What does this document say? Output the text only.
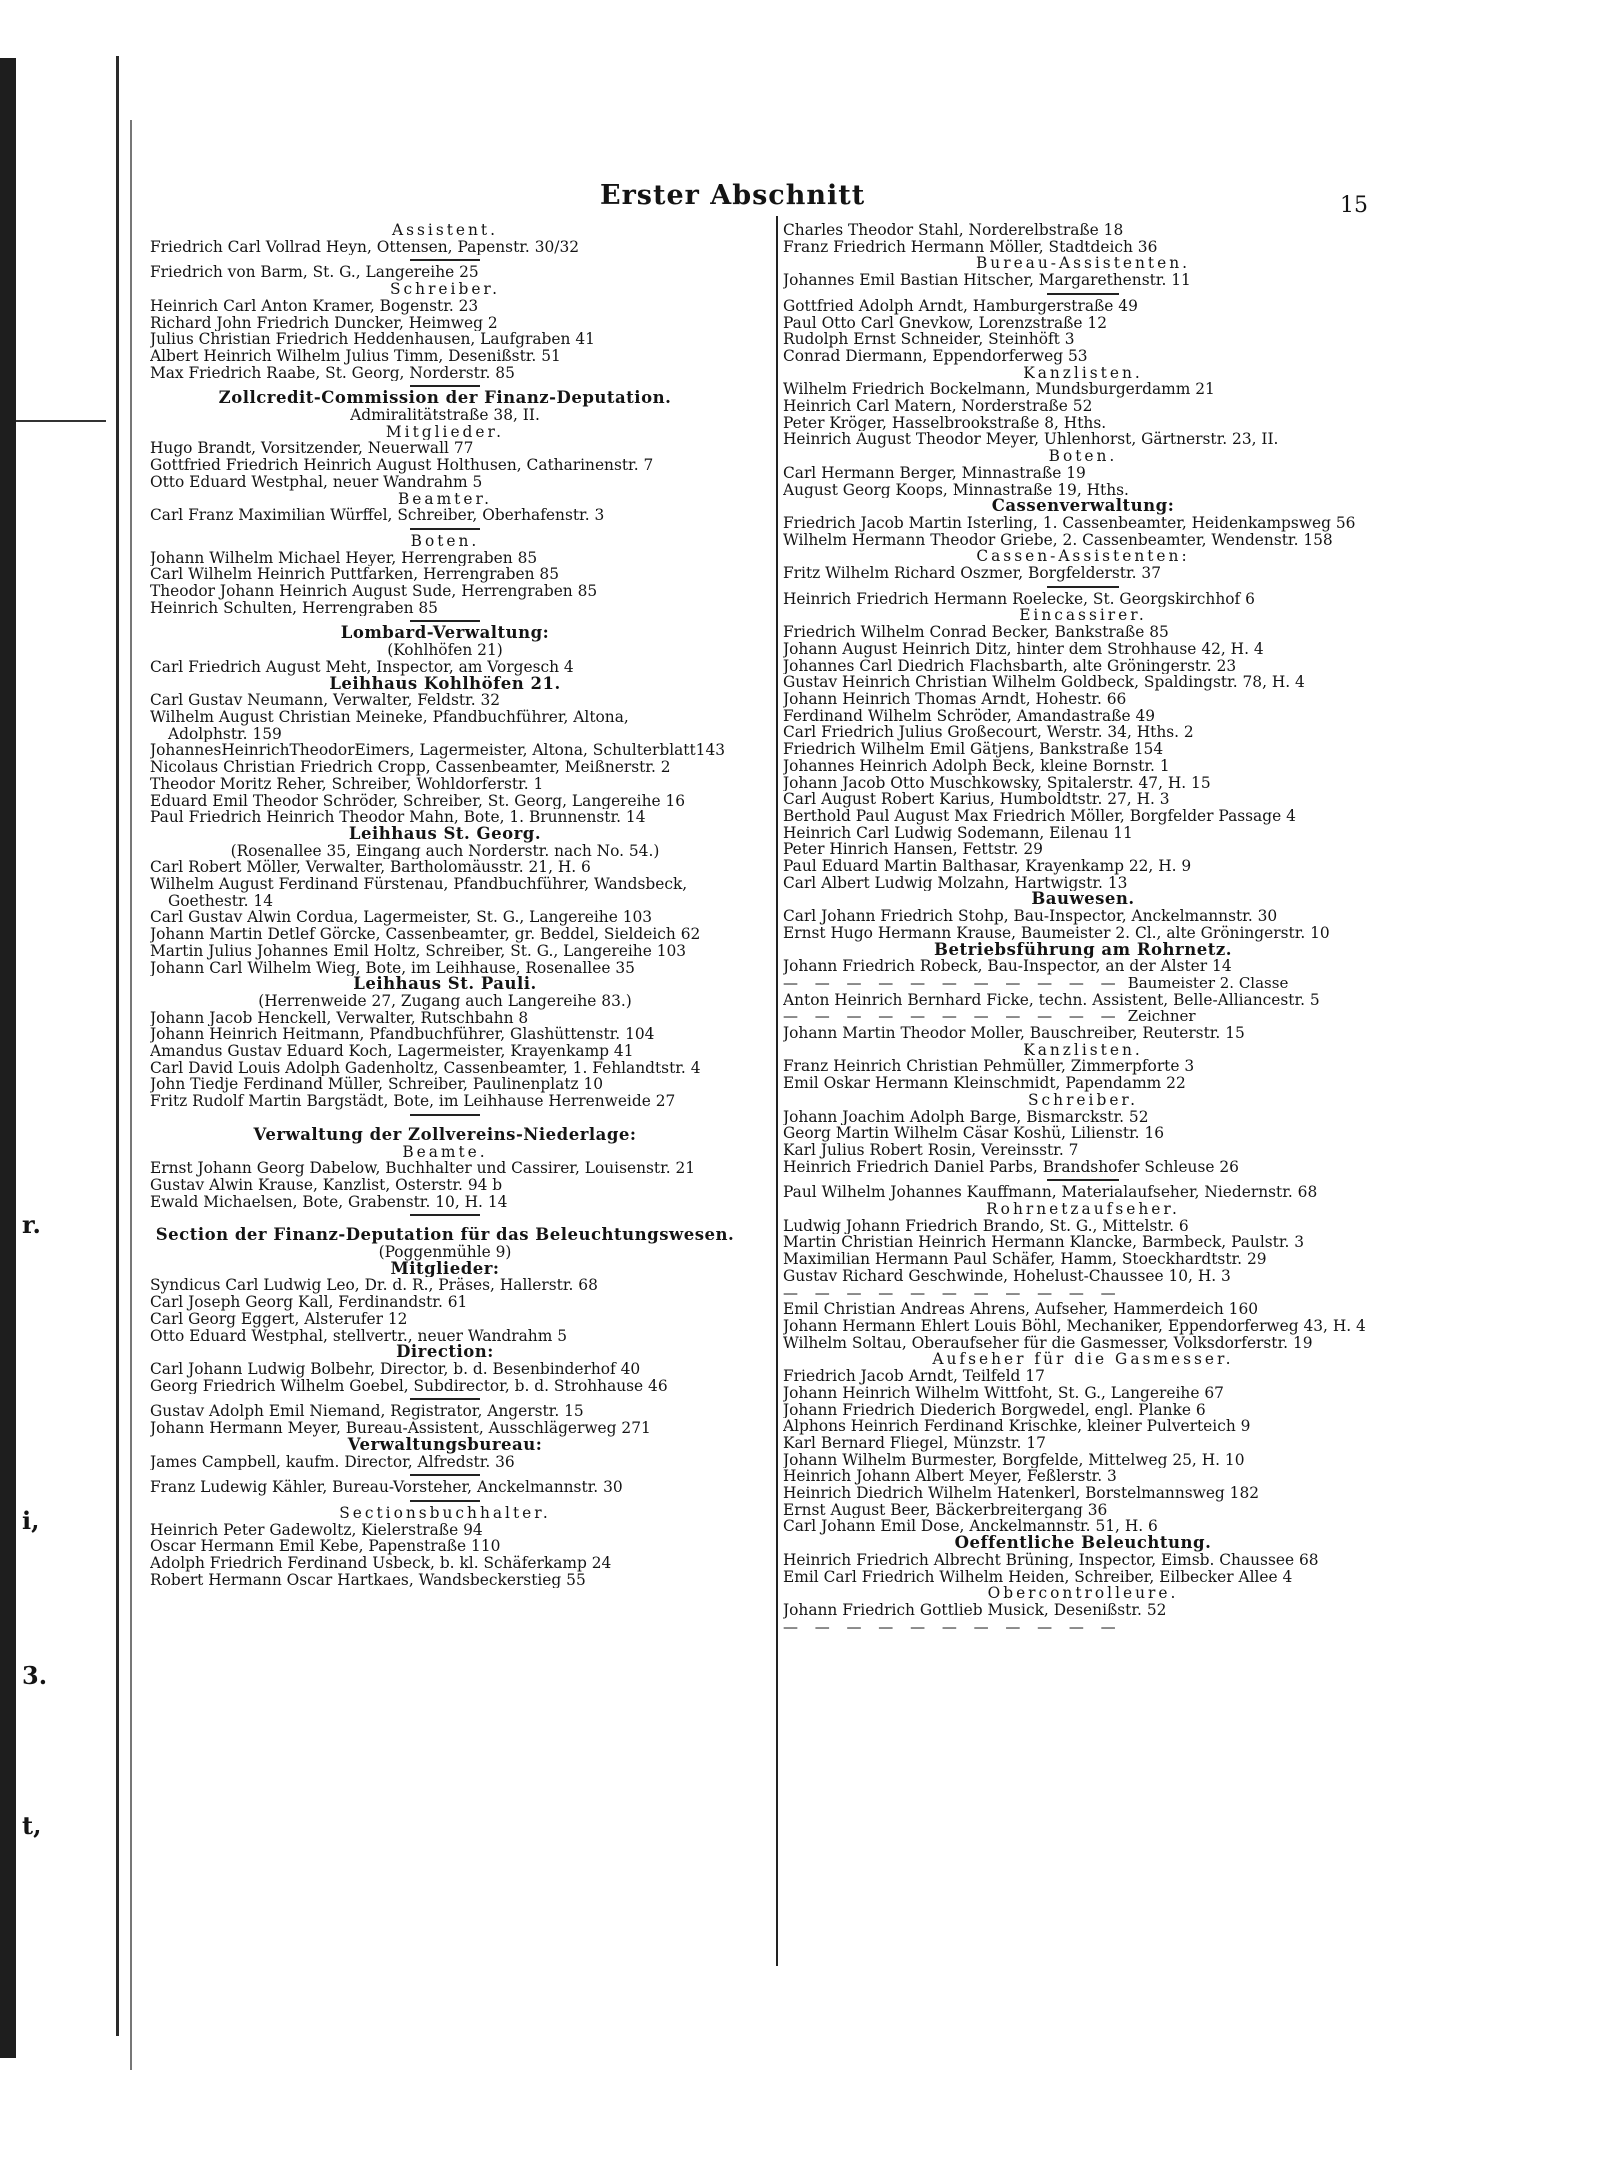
r.
i,
3.
t,
Erster Abschnitt	15
Assistent.
Friedrich Carl Vollrad Heyn, Ottensen, Papenstr. 30/32
Friedrich von Barm, St. G., Langereihe 25
Schreiber.
Heinrich Carl Anton Kramer, Bogenstr. 23
Richard John Friedrich Duncker, Heimweg 2
Julius Christian Friedrich Heddenhausen, Laufgraben 41
Albert Heinrich Wilhelm Julius Timm, Desenißstr. 51
Max Friedrich Raabe, St. Georg, Norderstr. 85
Zollcredit-Commission der Finanz-Deputation.
Admiralitätstraße 38, II.
Mitglieder.
Hugo Brandt, Vorsitzender, Neuerwall 77
Gottfried Friedrich Heinrich August Holthusen, Catharinenstr. 7
Otto Eduard Westphal, neuer Wandrahm 5
Beamter.
Carl Franz Maximilian Würffel, Schreiber, Oberhafenstr. 3
Boten.
Johann Wilhelm Michael Heyer, Herrengraben 85
Carl Wilhelm Heinrich Puttfarken, Herrengraben 85
Theodor Johann Heinrich August Sude, Herrengraben 85
Heinrich Schulten, Herrengraben 85
Lombard-Verwaltung:
(Kohlhöfen 21)
Carl Friedrich August Meht, Inspector, am Vorgesch 4
Leihhaus Kohlhöfen 21.
Carl Gustav Neumann, Verwalter, Feldstr. 32
Wilhelm August Christian Meineke, Pfandbuchführer, Altona,
Adolphstr. 159
JohannesHeinrichTheodorEimers, Lagermeister, Altona, Schulterblatt143
Nicolaus Christian Friedrich Cropp, Cassenbeamter, Meißnerstr. 2
Theodor Moritz Reher, Schreiber, Wohldorferstr. 1
Eduard Emil Theodor Schröder, Schreiber, St. Georg, Langereihe 16
Paul Friedrich Heinrich Theodor Mahn, Bote, 1. Brunnenstr. 14
Leihhaus St. Georg.
(Rosenallee 35, Eingang auch Norderstr. nach No. 54.)
Carl Robert Möller, Verwalter, Bartholomäusstr. 21, H. 6
Wilhelm August Ferdinand Fürstenau, Pfandbuchführer, Wandsbeck,
Goethestr. 14
Carl Gustav Alwin Cordua, Lagermeister, St. G., Langereihe 103
Johann Martin Detlef Görcke, Cassenbeamter, gr. Beddel, Sieldeich 62
Martin Julius Johannes Emil Holtz, Schreiber, St. G., Langereihe 103
Johann Carl Wilhelm Wieg, Bote, im Leihhause, Rosenallee 35
Leihhaus St. Pauli.
(Herrenweide 27, Zugang auch Langereihe 83.)
Johann Jacob Henckell, Verwalter, Rutschbahn 8
Johann Heinrich Heitmann, Pfandbuchführer, Glashüttenstr. 104
Amandus Gustav Eduard Koch, Lagermeister, Krayenkamp 41
Carl David Louis Adolph Gadenholtz, Cassenbeamter, 1. Fehlandtstr. 4
John Tiedje Ferdinand Müller, Schreiber, Paulinenplatz 10
Fritz Rudolf Martin Bargstädt, Bote, im Leihhause Herrenweide 27
Verwaltung der Zollvereins-Niederlage:
Beamte.
Ernst Johann Georg Dabelow, Buchhalter und Cassirer, Louisenstr. 21
Gustav Alwin Krause, Kanzlist, Osterstr. 94 b
Ewald Michaelsen, Bote, Grabenstr. 10, H. 14
Section der Finanz-Deputation für das Beleuchtungswesen.
(Poggenmühle 9)
Mitglieder:
Syndicus Carl Ludwig Leo, Dr. d. R., Präses, Hallerstr. 68
Carl Joseph Georg Kall, Ferdinandstr. 61
Carl Georg Eggert, Alsterufer 12
Otto Eduard Westphal, stellvertr., neuer Wandrahm 5
Direction:
Carl Johann Ludwig Bolbehr, Director, b. d. Besenbinderhof 40
Georg Friedrich Wilhelm Goebel, Subdirector, b. d. Strohhause 46
Gustav Adolph Emil Niemand, Registrator, Angerstr. 15
Johann Hermann Meyer, Bureau-Assistent, Ausschlägerweg 271
Verwaltungsbureau:
James Campbell, kaufm. Director, Alfredstr. 36
Franz Ludewig Kähler, Bureau-Vorsteher, Anckelmannstr. 30
Sectionsbuchhalter.
Heinrich Peter Gadewoltz, Kielerstraße 94
Oscar Hermann Emil Kebe, Papenstraße 110
Adolph Friedrich Ferdinand Usbeck, b. kl. Schäferkamp 24
Robert Hermann Oscar Hartkaes, Wandsbeckerstieg 55
Charles Theodor Stahl, Norderelbstraße 18
Franz Friedrich Hermann Möller, Stadtdeich 36
Bureau-Assistenten.
Johannes Emil Bastian Hitscher, Margarethenstr. 11
Gottfried Adolph Arndt, Hamburgerstraße 49
Paul Otto Carl Gnevkow, Lorenzstraße 12
Rudolph Ernst Schneider, Steinhöft 3
Conrad Diermann, Eppendorferweg 53
Kanzlisten.
Wilhelm Friedrich Bockelmann, Mundsburgerdamm 21
Heinrich Carl Matern, Norderstraße 52
Peter Kröger, Hasselbrookstraße 8, Hths.
Heinrich August Theodor Meyer, Uhlenhorst, Gärtnerstr. 23, II.
Boten.
Carl Hermann Berger, Minnastraße 19
August Georg Koops, Minnastraße 19, Hths.
Cassenverwaltung:
Friedrich Jacob Martin Isterling, 1. Cassenbeamter, Heidenkampsweg 56
Wilhelm Hermann Theodor Griebe, 2. Cassenbeamter, Wendenstr. 158
Cassen-Assistenten:
Fritz Wilhelm Richard Oszmer, Borgfelderstr. 37
Heinrich Friedrich Hermann Roelecke, St. Georgskirchhof 6
Eincassirer.
Friedrich Wilhelm Conrad Becker, Bankstraße 85
Johann August Heinrich Ditz, hinter dem Strohhause 42, H. 4
Johannes Carl Diedrich Flachsbarth, alte Gröningerstr. 23
Gustav Heinrich Christian Wilhelm Goldbeck, Spaldingstr. 78, H. 4
Johann Heinrich Thomas Arndt, Hohestr. 66
Ferdinand Wilhelm Schröder, Amandastraße 49
Carl Friedrich Julius Großecourt, Werstr. 34, Hths. 2
Friedrich Wilhelm Emil Gätjens, Bankstraße 154
Johannes Heinrich Adolph Beck, kleine Bornstr. 1
Johann Jacob Otto Muschkowsky, Spitalerstr. 47, H. 15
Carl August Robert Karius, Humboldtstr. 27, H. 3
Berthold Paul August Max Friedrich Möller, Borgfelder Passage 4
Heinrich Carl Ludwig Sodemann, Eilenau 11
Peter Hinrich Hansen, Fettstr. 29
Paul Eduard Martin Balthasar, Krayenkamp 22, H. 9
Carl Albert Ludwig Molzahn, Hartwigstr. 13
Bauwesen.
Carl Johann Friedrich Stohp, Bau-Inspector, Anckelmannstr. 30
Ernst Hugo Hermann Krause, Baumeister 2. Cl., alte Gröningerstr. 10
Betriebsführung am Rohrnetz.
Johann Friedrich Robeck, Bau-Inspector, an der Alster 14
— — — — — — — — — — — Baumeister 2. Classe
Anton Heinrich Bernhard Ficke, techn. Assistent, Belle-Alliancestr. 5
— — — — — — — — — — — Zeichner
Johann Martin Theodor Moller, Bauschreiber, Reuterstr. 15
Kanzlisten.
Franz Heinrich Christian Pehmüller, Zimmerpforte 3
Emil Oskar Hermann Kleinschmidt, Papendamm 22
Schreiber.
Johann Joachim Adolph Barge, Bismarckstr. 52
Georg Martin Wilhelm Cäsar Koshü, Lilienstr. 16
Karl Julius Robert Rosin, Vereinsstr. 7
Heinrich Friedrich Daniel Parbs, Brandshofer Schleuse 26
Paul Wilhelm Johannes Kauffmann, Materialaufseher, Niedernstr. 68
Rohrnetzaufseher.
Ludwig Johann Friedrich Brando, St. G., Mittelstr. 6
Martin Christian Heinrich Hermann Klancke, Barmbeck, Paulstr. 3
Maximilian Hermann Paul Schäfer, Hamm, Stoeckhardtstr. 29
Gustav Richard Geschwinde, Hohelust-Chaussee 10, H. 3
— — — — — — — — — — —
Emil Christian Andreas Ahrens, Aufseher, Hammerdeich 160
Johann Hermann Ehlert Louis Böhl, Mechaniker, Eppendorferweg 43, H. 4
Wilhelm Soltau, Oberaufseher für die Gasmesser, Volksdorferstr. 19
Aufseher für die Gasmesser.
Friedrich Jacob Arndt, Teilfeld 17
Johann Heinrich Wilhelm Wittfoht, St. G., Langereihe 67
Johann Friedrich Diederich Borgwedel, engl. Planke 6
Alphons Heinrich Ferdinand Krischke, kleiner Pulverteich 9
Karl Bernard Fliegel, Münzstr. 17
Johann Wilhelm Burmester, Borgfelde, Mittelweg 25, H. 10
Heinrich Johann Albert Meyer, Feßlerstr. 3
Heinrich Diedrich Wilhelm Hatenkerl, Borstelmannsweg 182
Ernst August Beer, Bäckerbreitergang 36
Carl Johann Emil Dose, Anckelmannstr. 51, H. 6
Oeffentliche Beleuchtung.
Heinrich Friedrich Albrecht Brüning, Inspector, Eimsb. Chaussee 68
Emil Carl Friedrich Wilhelm Heiden, Schreiber, Eilbecker Allee 4
Obercontrolleure.
Johann Friedrich Gottlieb Musick, Desenißstr. 52
— — — — — — — — — — —
